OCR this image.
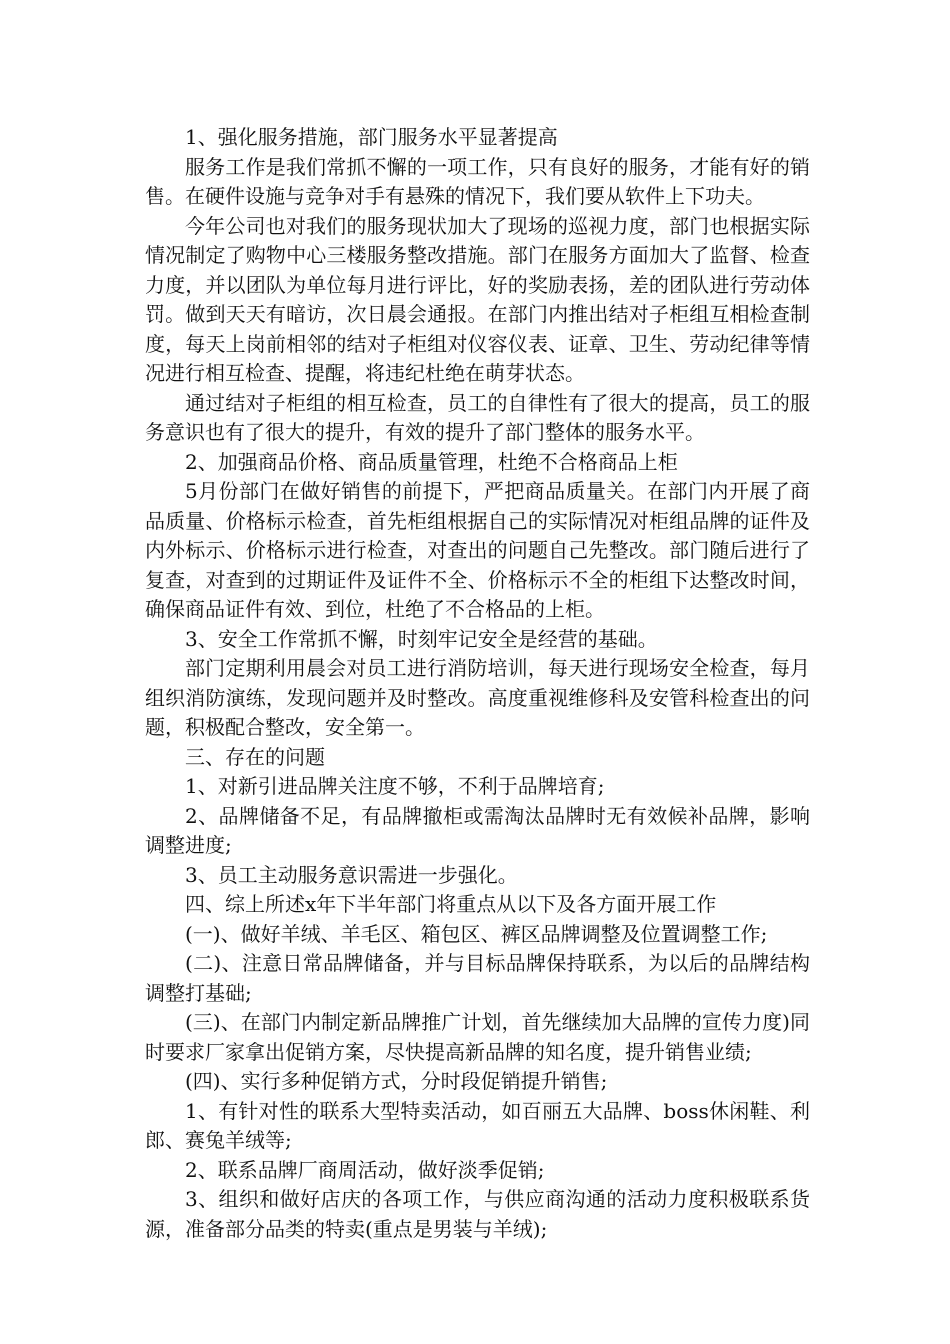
1、强化服务措施，部门服务水平显著提高

服务工作是我们常抓不懈的一项工作，只有良好的服务，才能有好的销售。在硬件设施与竞争对手有悬殊的情况下，我们要从软件上下功夫。

今年公司也对我们的服务现状加大了现场的巡视力度，部门也根据实际情况制定了购物中心三楼服务整改措施。部门在服务方面加大了监督、检查力度，并以团队为单位每月进行评比，好的奖励表扬，差的团队进行劳动体罚。做到天天有暗访，次日晨会通报。在部门内推出结对子柜组互相检查制度，每天上岗前相邻的结对子柜组对仪容仪表、证章、卫生、劳动纪律等情况进行相互检查、提醒，将违纪杜绝在萌芽状态。

通过结对子柜组的相互检查，员工的自律性有了很大的提高，员工的服务意识也有了很大的提升，有效的提升了部门整体的服务水平。

2、加强商品价格、商品质量管理，杜绝不合格商品上柜

5月份部门在做好销售的前提下，严把商品质量关。在部门内开展了商品质量、价格标示检查，首先柜组根据自己的实际情况对柜组品牌的证件及内外标示、价格标示进行检查，对查出的问题自己先整改。部门随后进行了复查，对查到的过期证件及证件不全、价格标示不全的柜组下达整改时间，确保商品证件有效、到位，杜绝了不合格品的上柜。

3、安全工作常抓不懈，时刻牢记安全是经营的基础。

部门定期利用晨会对员工进行消防培训，每天进行现场安全检查，每月组织消防演练，发现问题并及时整改。高度重视维修科及安管科检查出的问题，积极配合整改，安全第一。

三、存在的问题

1、对新引进品牌关注度不够，不利于品牌培育;

2、品牌储备不足，有品牌撤柜或需淘汰品牌时无有效候补品牌，影响调整进度;

3、员工主动服务意识需进一步强化。

四、综上所述x年下半年部门将重点从以下及各方面开展工作

(一)、做好羊绒、羊毛区、箱包区、裤区品牌调整及位置调整工作;

(二)、注意日常品牌储备，并与目标品牌保持联系，为以后的品牌结构调整打基础;

(三)、在部门内制定新品牌推广计划，首先继续加大品牌的宣传力度)同时要求厂家拿出促销方案，尽快提高新品牌的知名度，提升销售业绩;

(四)、实行多种促销方式，分时段促销提升销售;

1、有针对性的联系大型特卖活动，如百丽五大品牌、boss休闲鞋、利郎、赛兔羊绒等;

2、联系品牌厂商周活动，做好淡季促销;

3、组织和做好店庆的各项工作，与供应商沟通的活动力度积极联系货源，准备部分品类的特卖(重点是男装与羊绒);
